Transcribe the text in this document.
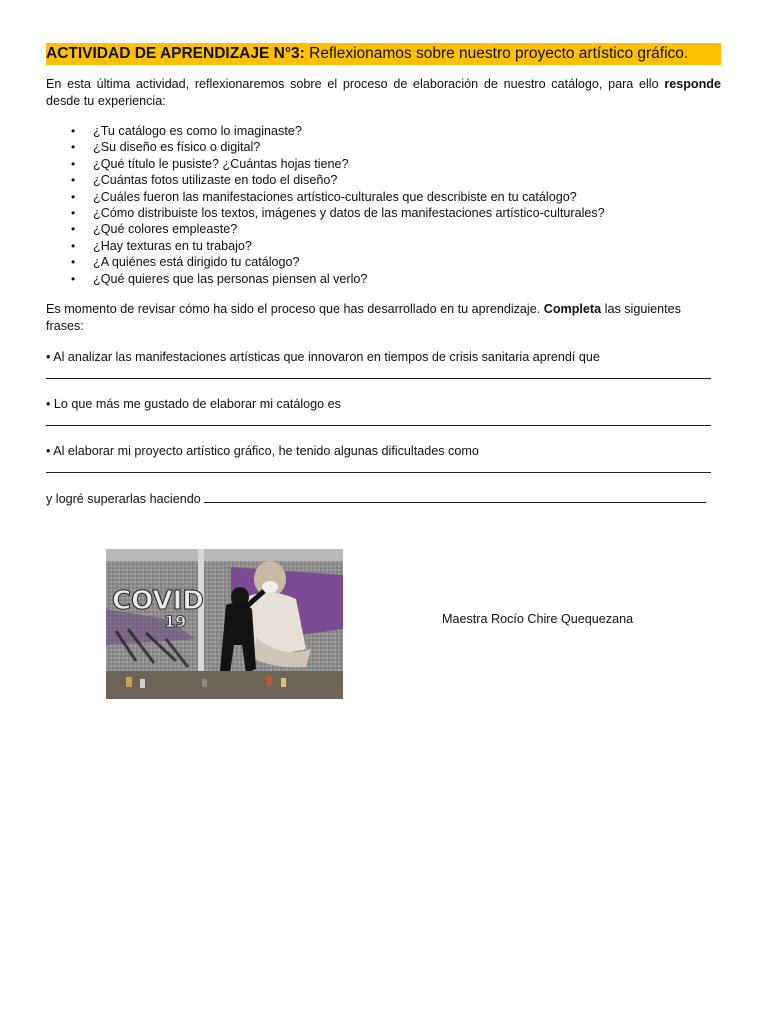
ACTIVIDAD DE APRENDIZAJE N°3: Reflexionamos sobre nuestro proyecto artístico gráfico.
En esta última actividad, reflexionaremos sobre el proceso de elaboración de nuestro catálogo, para ello responde
desde tu experiencia:
• ¿Tu catálogo es como lo imaginaste?
• ¿Su diseño es físico o digital?
• ¿Qué título le pusiste? ¿Cuántas hojas tiene?
• ¿Cuántas fotos utilizaste en todo el diseño?
• ¿Cuáles fueron las manifestaciones artístico-culturales que describiste en tu catálogo?
• ¿Cómo distribuiste los textos, imágenes y datos de las manifestaciones artístico-culturales?
• ¿Qué colores empleaste?
• ¿Hay texturas en tu trabajo?
• ¿A quiénes está dirigido tu catálogo?
• ¿Qué quieres que las personas piensen al verlo?
Es momento de revisar cómo ha sido el proceso que has desarrollado en tu aprendizaje. Completa las siguientes frases:
• Al analizar las manifestaciones artísticas que innovaron en tiempos de crisis sanitaria aprendí que
• Lo que más me gustado de elaborar mi catálogo es
• Al elaborar mi proyecto artístico gráfico, he tenido algunas dificultades como
y logré superarlas haciendo
COVID
19	Maestra Rocío Chire Quequezana
